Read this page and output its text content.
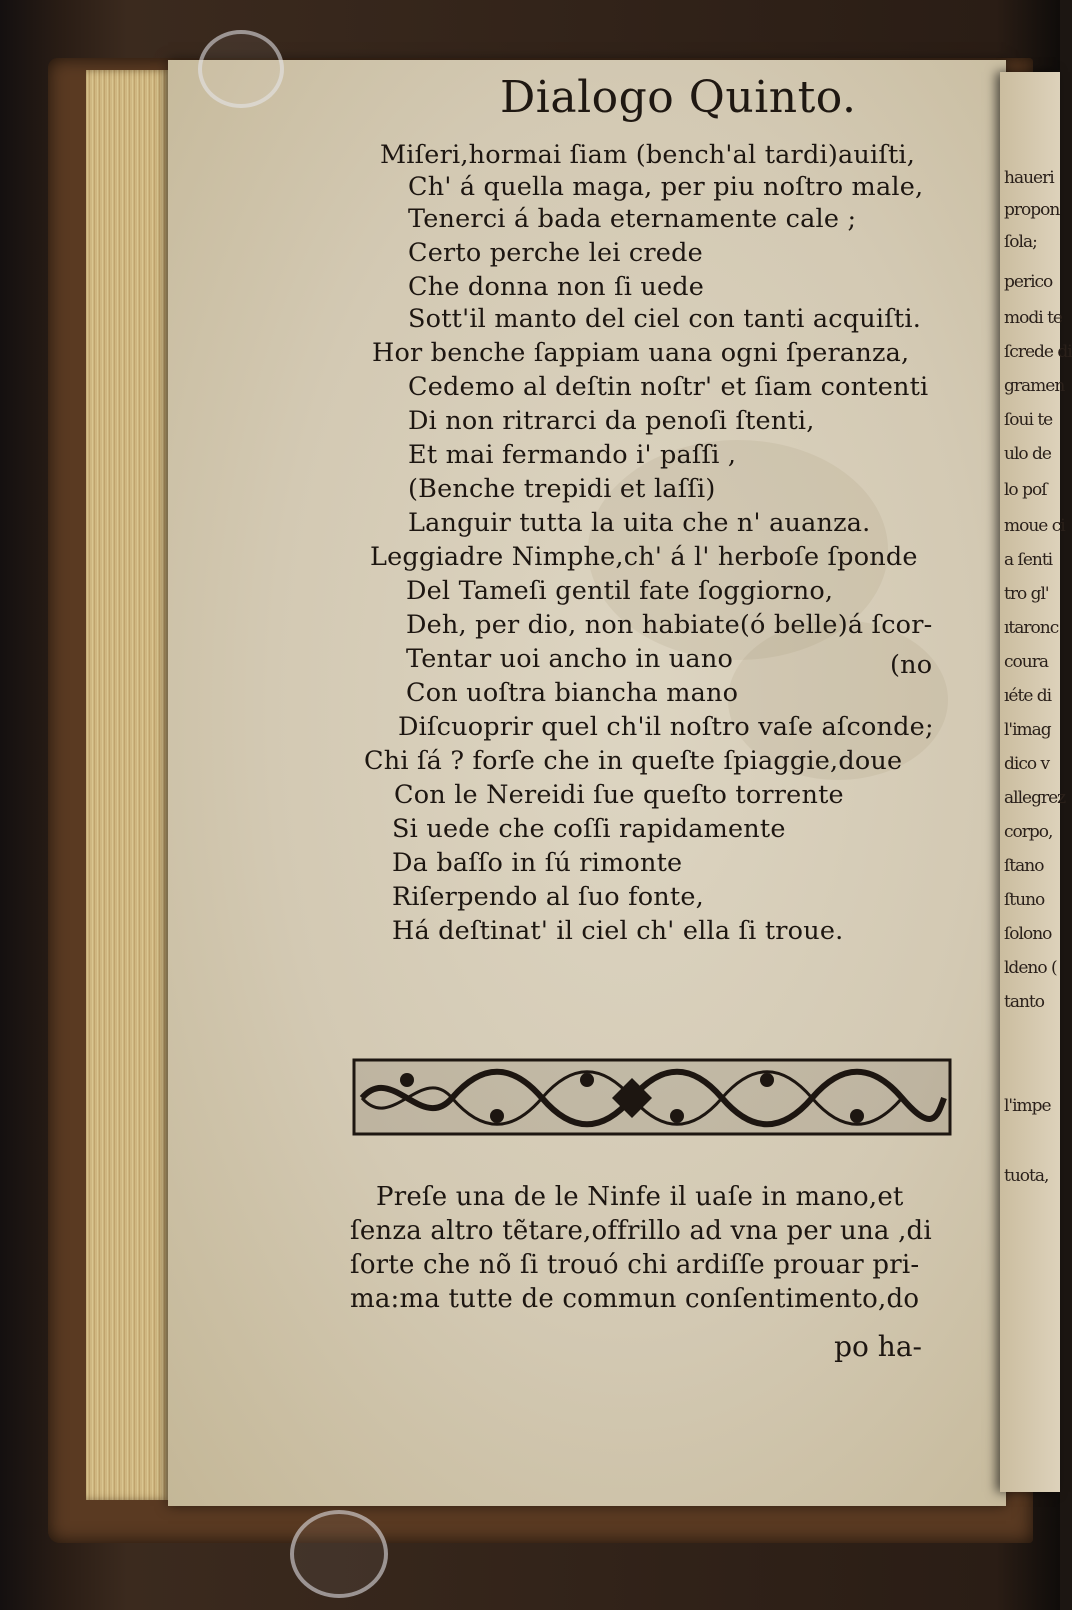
haueri
propon
ſola;
perico
modi te
ſcrede di
gramen
ſoui te
ulo de
lo poſ
moue ci
a ſenti
tro gl'
ıtaronc
coura
ıéte di
l'imag
dico v
allegrez
corpo,
ſtano
ſtuno
ſolono
ldeno (
tanto
l'impe
tuota,
Dialogo Quinto.
Miſeri,hormai ſiam (bench'al tardi)auiſti,
Ch' á quella maga, per piu noſtro male,
Tenerci á bada eternamente cale ;
Certo perche lei crede
Che donna non ſi uede
Sott'il manto del ciel con tanti acquiſti.
Hor benche ſappiam uana ogni ſperanza,
Cedemo al deſtin noſtr' et ſiam contenti
Di non ritrarci da penoſi ſtenti,
Et mai fermando i' paſſi ,
(Benche trepidi et laſſi)
Languir tutta la uita che n' auanza.
Leggiadre Nimphe,ch' á l' herboſe ſponde
Del Tameſi gentil fate ſoggiorno,
Deh, per dio, non habiate(ó belle)á ſcor-
Tentar uoi ancho in uano	(no
Con uoſtra biancha mano
Diſcuoprir quel ch'il noſtro vaſe aſconde;
Chi ſá ? forſe che in queſte ſpiaggie,doue
Con le Nereidi ſue queſto torrente
Si uede che coſſi rapidamente
Da baſſo in ſú rimonte
Riſerpendo al ſuo fonte,
Há deſtinat' il ciel ch' ella ſi troue.
Preſe una de le Ninfe il uaſe in mano,et
ſenza altro tẽtare,offrillo ad vna per una ,di
ſorte che nõ ſi trouó chi ardiſſe prouar pri-
ma:ma tutte de commun conſentimento,do
po ha-
